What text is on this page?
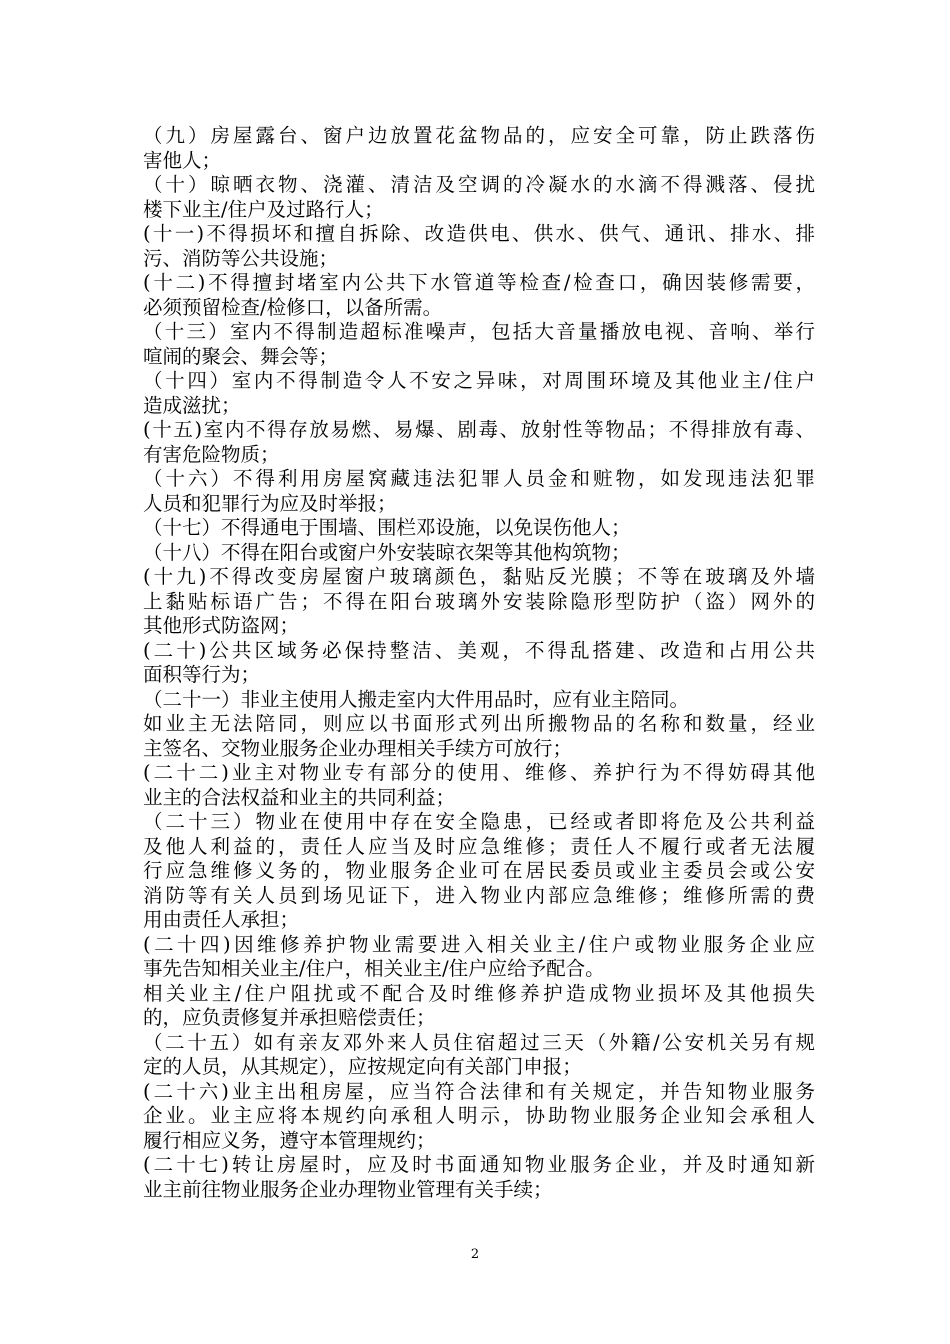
（九）房屋露台、窗户边放置花盆物品的，应安全可靠，防止跌落伤
害他人；
（十）晾晒衣物、浇灌、清洁及空调的冷凝水的水滴不得溅落、侵扰
楼下业主/住户及过路行人；
(十一)不得损坏和擅自拆除、改造供电、供水、供气、通讯、排水、排
污、消防等公共设施；
(十二)不得擅封堵室内公共下水管道等检查/检查口，确因装修需要，
必须预留检查/检修口，以备所需。
（十三）室内不得制造超标准噪声，包括大音量播放电视、音响、举行
喧闹的聚会、舞会等；
（十四）室内不得制造令人不安之异味，对周围环境及其他业主/住户
造成滋扰；
(十五)室内不得存放易燃、易爆、剧毒、放射性等物品；不得排放有毒、
有害危险物质；
（十六）不得利用房屋窝藏违法犯罪人员金和赃物，如发现违法犯罪
人员和犯罪行为应及时举报；
（十七）不得通电于围墙、围栏邓设施，以免误伤他人；
（十八）不得在阳台或窗户外安装晾衣架等其他构筑物；
(十九)不得改变房屋窗户玻璃颜色，黏贴反光膜；不等在玻璃及外墙
上黏贴标语广告；不得在阳台玻璃外安装除隐形型防护（盗）网外的
其他形式防盗网；
(二十)公共区域务必保持整洁、美观，不得乱搭建、改造和占用公共
面积等行为；
（二十一）非业主使用人搬走室内大件用品时，应有业主陪同。
如业主无法陪同，则应以书面形式列出所搬物品的名称和数量，经业
主签名、交物业服务企业办理相关手续方可放行；
(二十二)业主对物业专有部分的使用、维修、养护行为不得妨碍其他
业主的合法权益和业主的共同利益；
（二十三）物业在使用中存在安全隐患，已经或者即将危及公共利益
及他人利益的，责任人应当及时应急维修；责任人不履行或者无法履
行应急维修义务的，物业服务企业可在居民委员或业主委员会或公安
消防等有关人员到场见证下，进入物业内部应急维修；维修所需的费
用由责任人承担；
(二十四)因维修养护物业需要进入相关业主/住户或物业服务企业应
事先告知相关业主/住户，相关业主/住户应给予配合。
相关业主/住户阻扰或不配合及时维修养护造成物业损坏及其他损失
的，应负责修复并承担赔偿责任；
（二十五）如有亲友邓外来人员住宿超过三天（外籍/公安机关另有规
定的人员，从其规定），应按规定向有关部门申报；
(二十六)业主出租房屋，应当符合法律和有关规定，并告知物业服务
企业。业主应将本规约向承租人明示，协助物业服务企业知会承租人
履行相应义务，遵守本管理规约；
(二十七)转让房屋时，应及时书面通知物业服务企业，并及时通知新
业主前往物业服务企业办理物业管理有关手续；
2
